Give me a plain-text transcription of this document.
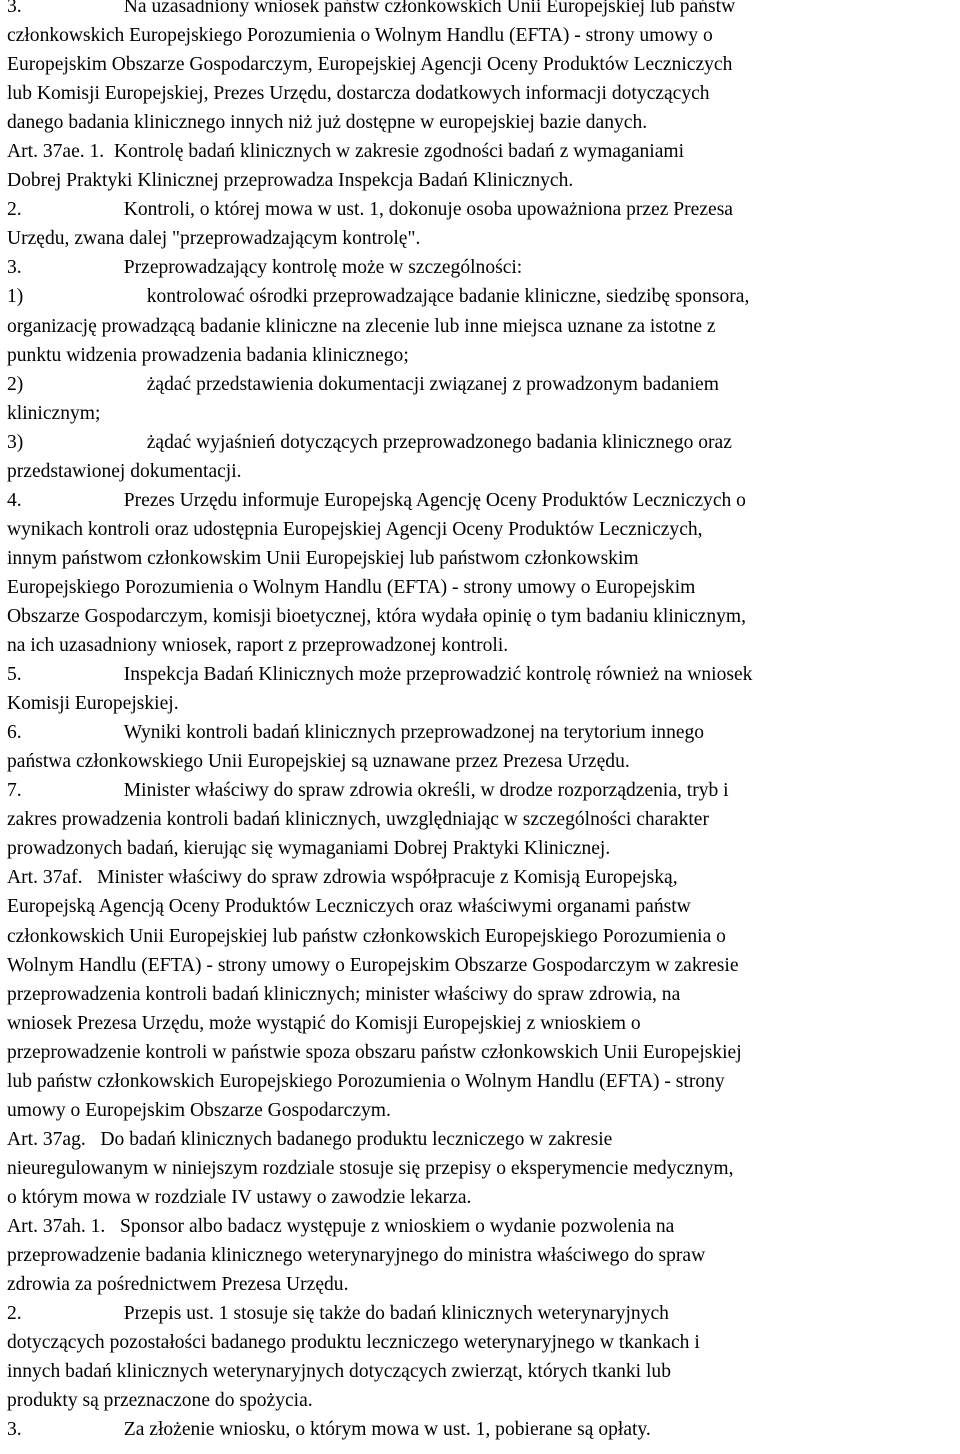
3.	Na uzasadniony wniosek państw członkowskich Unii Europejskiej lub państw
członkowskich Europejskiego Porozumienia o Wolnym Handlu (EFTA) - strony umowy o
Europejskim Obszarze Gospodarczym, Europejskiej Agencji Oceny Produktów Leczniczych
lub Komisji Europejskiej, Prezes Urzędu, dostarcza dodatkowych informacji dotyczących
danego badania klinicznego innych niż już dostępne w europejskiej bazie danych.
Art. 37ae. 1.  Kontrolę badań klinicznych w zakresie zgodności badań z wymaganiami
Dobrej Praktyki Klinicznej przeprowadza Inspekcja Badań Klinicznych.
2.	Kontroli, o której mowa w ust. 1, dokonuje osoba upoważniona przez Prezesa
Urzędu, zwana dalej "przeprowadzającym kontrolę".
3.	Przeprowadzający kontrolę może w szczególności:
1)	kontrolować ośrodki przeprowadzające badanie kliniczne, siedzibę sponsora,
organizację prowadzącą badanie kliniczne na zlecenie lub inne miejsca uznane za istotne z
punktu widzenia prowadzenia badania klinicznego;
2)	żądać przedstawienia dokumentacji związanej z prowadzonym badaniem
klinicznym;
3)	żądać wyjaśnień dotyczących przeprowadzonego badania klinicznego oraz
przedstawionej dokumentacji.
4.	Prezes Urzędu informuje Europejską Agencję Oceny Produktów Leczniczych o
wynikach kontroli oraz udostępnia Europejskiej Agencji Oceny Produktów Leczniczych,
innym państwom członkowskim Unii Europejskiej lub państwom członkowskim
Europejskiego Porozumienia o Wolnym Handlu (EFTA) - strony umowy o Europejskim
Obszarze Gospodarczym, komisji bioetycznej, która wydała opinię o tym badaniu klinicznym,
na ich uzasadniony wniosek, raport z przeprowadzonej kontroli.
5.	Inspekcja Badań Klinicznych może przeprowadzić kontrolę również na wniosek
Komisji Europejskiej.
6.	Wyniki kontroli badań klinicznych przeprowadzonej na terytorium innego
państwa członkowskiego Unii Europejskiej są uznawane przez Prezesa Urzędu.
7.	Minister właściwy do spraw zdrowia określi, w drodze rozporządzenia, tryb i
zakres prowadzenia kontroli badań klinicznych, uwzględniając w szczególności charakter
prowadzonych badań, kierując się wymaganiami Dobrej Praktyki Klinicznej.
Art. 37af.   Minister właściwy do spraw zdrowia współpracuje z Komisją Europejską,
Europejską Agencją Oceny Produktów Leczniczych oraz właściwymi organami państw
członkowskich Unii Europejskiej lub państw członkowskich Europejskiego Porozumienia o
Wolnym Handlu (EFTA) - strony umowy o Europejskim Obszarze Gospodarczym w zakresie
przeprowadzenia kontroli badań klinicznych; minister właściwy do spraw zdrowia, na
wniosek Prezesa Urzędu, może wystąpić do Komisji Europejskiej z wnioskiem o
przeprowadzenie kontroli w państwie spoza obszaru państw członkowskich Unii Europejskiej
lub państw członkowskich Europejskiego Porozumienia o Wolnym Handlu (EFTA) - strony
umowy o Europejskim Obszarze Gospodarczym.
Art. 37ag.   Do badań klinicznych badanego produktu leczniczego w zakresie
nieuregulowanym w niniejszym rozdziale stosuje się przepisy o eksperymencie medycznym,
o którym mowa w rozdziale IV ustawy o zawodzie lekarza.
Art. 37ah. 1.   Sponsor albo badacz występuje z wnioskiem o wydanie pozwolenia na
przeprowadzenie badania klinicznego weterynaryjnego do ministra właściwego do spraw
zdrowia za pośrednictwem Prezesa Urzędu.
2.	Przepis ust. 1 stosuje się także do badań klinicznych weterynaryjnych
dotyczących pozostałości badanego produktu leczniczego weterynaryjnego w tkankach i
innych badań klinicznych weterynaryjnych dotyczących zwierząt, których tkanki lub
produkty są przeznaczone do spożycia.
3.	Za złożenie wniosku, o którym mowa w ust. 1, pobierane są opłaty.
